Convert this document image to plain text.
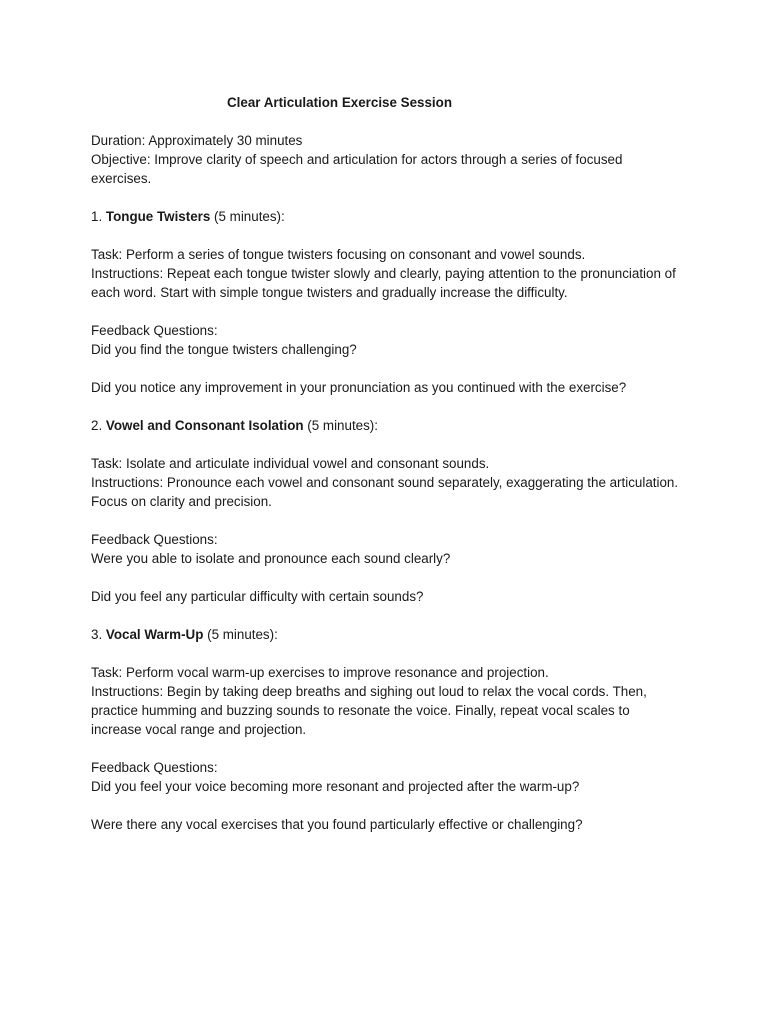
Clear Articulation Exercise Session

Duration: Approximately 30 minutes

Objective: Improve clarity of speech and articulation for actors through a series of focused exercises.

1. Tongue Twisters (5 minutes):

Task: Perform a series of tongue twisters focusing on consonant and vowel sounds.

Instructions: Repeat each tongue twister slowly and clearly, paying attention to the pronunciation of each word. Start with simple tongue twisters and gradually increase the difficulty.

Feedback Questions:

Did you find the tongue twisters challenging?

Did you notice any improvement in your pronunciation as you continued with the exercise?

2. Vowel and Consonant Isolation (5 minutes):

Task: Isolate and articulate individual vowel and consonant sounds.

Instructions: Pronounce each vowel and consonant sound separately, exaggerating the articulation. Focus on clarity and precision.

Feedback Questions:

Were you able to isolate and pronounce each sound clearly?

Did you feel any particular difficulty with certain sounds?

3. Vocal Warm-Up (5 minutes):

Task: Perform vocal warm-up exercises to improve resonance and projection.

Instructions: Begin by taking deep breaths and sighing out loud to relax the vocal cords. Then, practice humming and buzzing sounds to resonate the voice. Finally, repeat vocal scales to increase vocal range and projection.

Feedback Questions:

Did you feel your voice becoming more resonant and projected after the warm-up?

Were there any vocal exercises that you found particularly effective or challenging?
